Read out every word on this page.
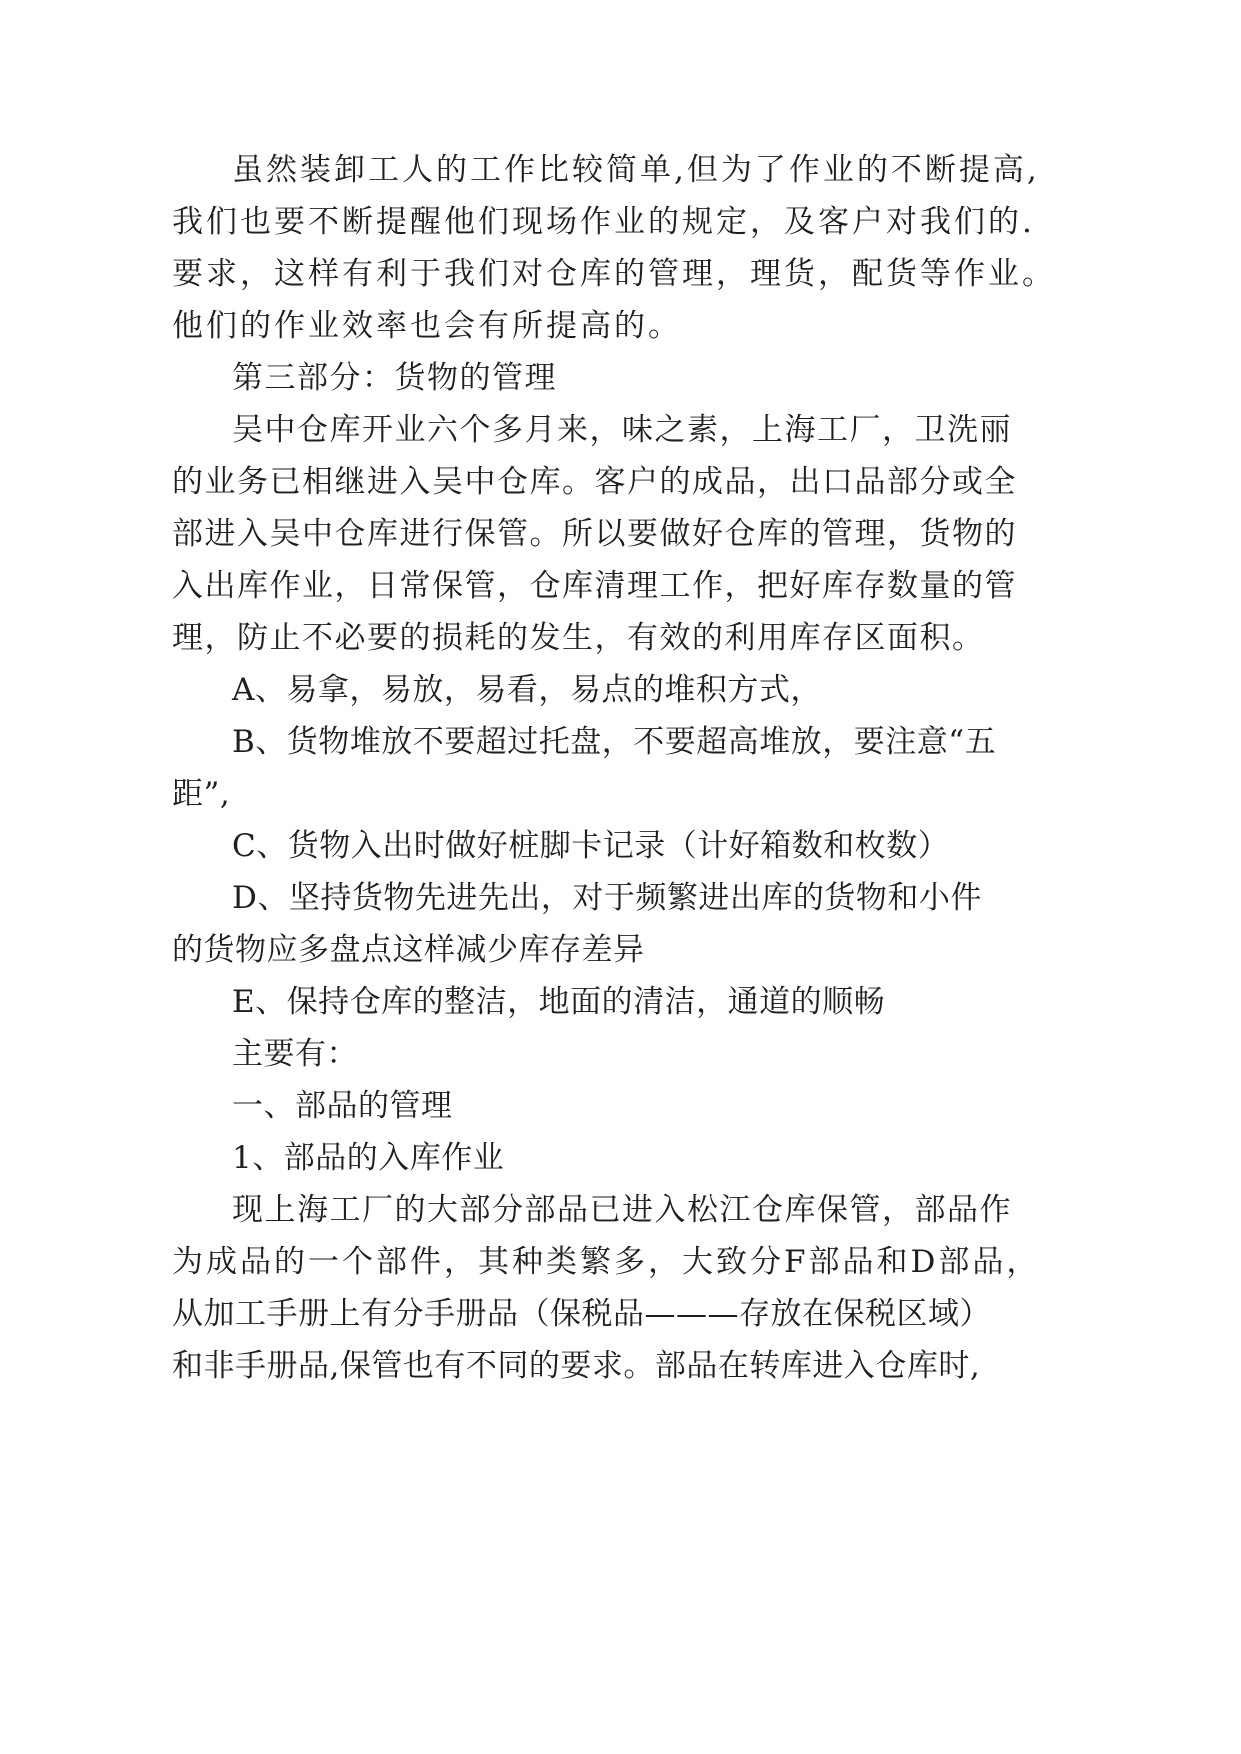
虽然装卸工人的工作比较简单,但为了作业的不断提高,

我们也要不断提醒他们现场作业的规定，及客户对我们的.

要求，这样有利于我们对仓库的管理，理货，配货等作业。

他们的作业效率也会有所提高的。

第三部分：货物的管理

吴中仓库开业六个多月来，味之素，上海工厂，卫洗丽

的业务已相继进入吴中仓库。客户的成品，出口品部分或全

部进入吴中仓库进行保管。所以要做好仓库的管理，货物的

入出库作业，日常保管，仓库清理工作，把好库存数量的管

理，防止不必要的损耗的发生，有效的利用库存区面积。

A、易拿，易放，易看，易点的堆积方式，

B、货物堆放不要超过托盘，不要超高堆放，要注意“五

距”,

C、货物入出时做好桩脚卡记录（计好箱数和枚数）

D、坚持货物先进先出，对于频繁进出库的货物和小件

的货物应多盘点这样减少库存差异

E、保持仓库的整洁，地面的清洁，通道的顺畅

主要有：

一、部品的管理

1、部品的入库作业

现上海工厂的大部分部品已进入松江仓库保管，部品作

为成品的一个部件，其种类繁多，大致分F部品和D部品，

从加工手册上有分手册品（保税品———存放在保税区域）

和非手册品,保管也有不同的要求。部品在转库进入仓库时,
